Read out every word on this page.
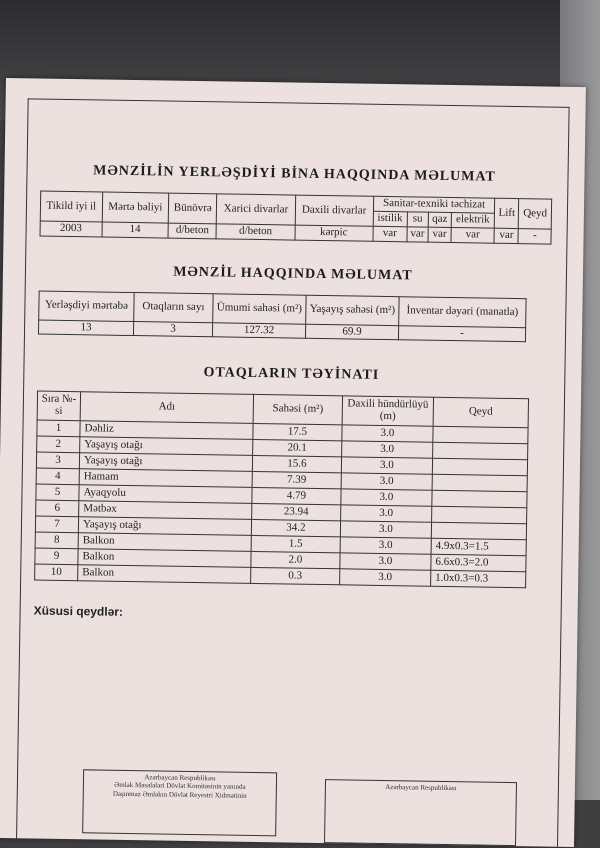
MƏNZİLİN YERLƏŞDİYİ BİNA HAQQINDA MƏLUMAT
Tikild iyi il	Mərtə bəliyi	Bünövrə	Xarici divarlar	Daxili divarlar	Sanitar-texniki təchizat				Lift	Qeyd
					istilik	su	qaz	elektrik		
2003	14	d/beton	d/beton	kərpic	var	var	var	var	var	-
MƏNZİL HAQQINDA MƏLUMAT
Yerləşdiyi mərtəbə	Otaqların sayı	Ümumi sahəsi (m²)	Yaşayış sahəsi (m²)	İnventar dəyəri (manatla)
13	3	127.32	69.9	-
OTAQLARIN TƏYİNATI
Sıra №-si	Adı	Sahəsi (m²)	Daxili hündürlüyü (m)	Qeyd
1	Dəhliz	17.5	3.0	
2	Yaşayış otağı	20.1	3.0	
3	Yaşayış otağı	15.6	3.0	
4	Hamam	7.39	3.0	
5	Ayaqyolu	4.79	3.0	
6	Mətbəx	23.94	3.0	
7	Yaşayış otağı	34.2	3.0	
8	Balkon	1.5	3.0	4.9x0.3=1.5
9	Balkon	2.0	3.0	6.6x0.3=2.0
10	Balkon	0.3	3.0	1.0x0.3=0.3
Xüsusi qeydlər:
Azərbaycan Respublikası
Əmlak Məsələləri Dövlət Komitəsinin yanında
Daşınmaz Əmlakın Dövlət Reyestri Xidmətinin
Azərbaycan Respublikası
